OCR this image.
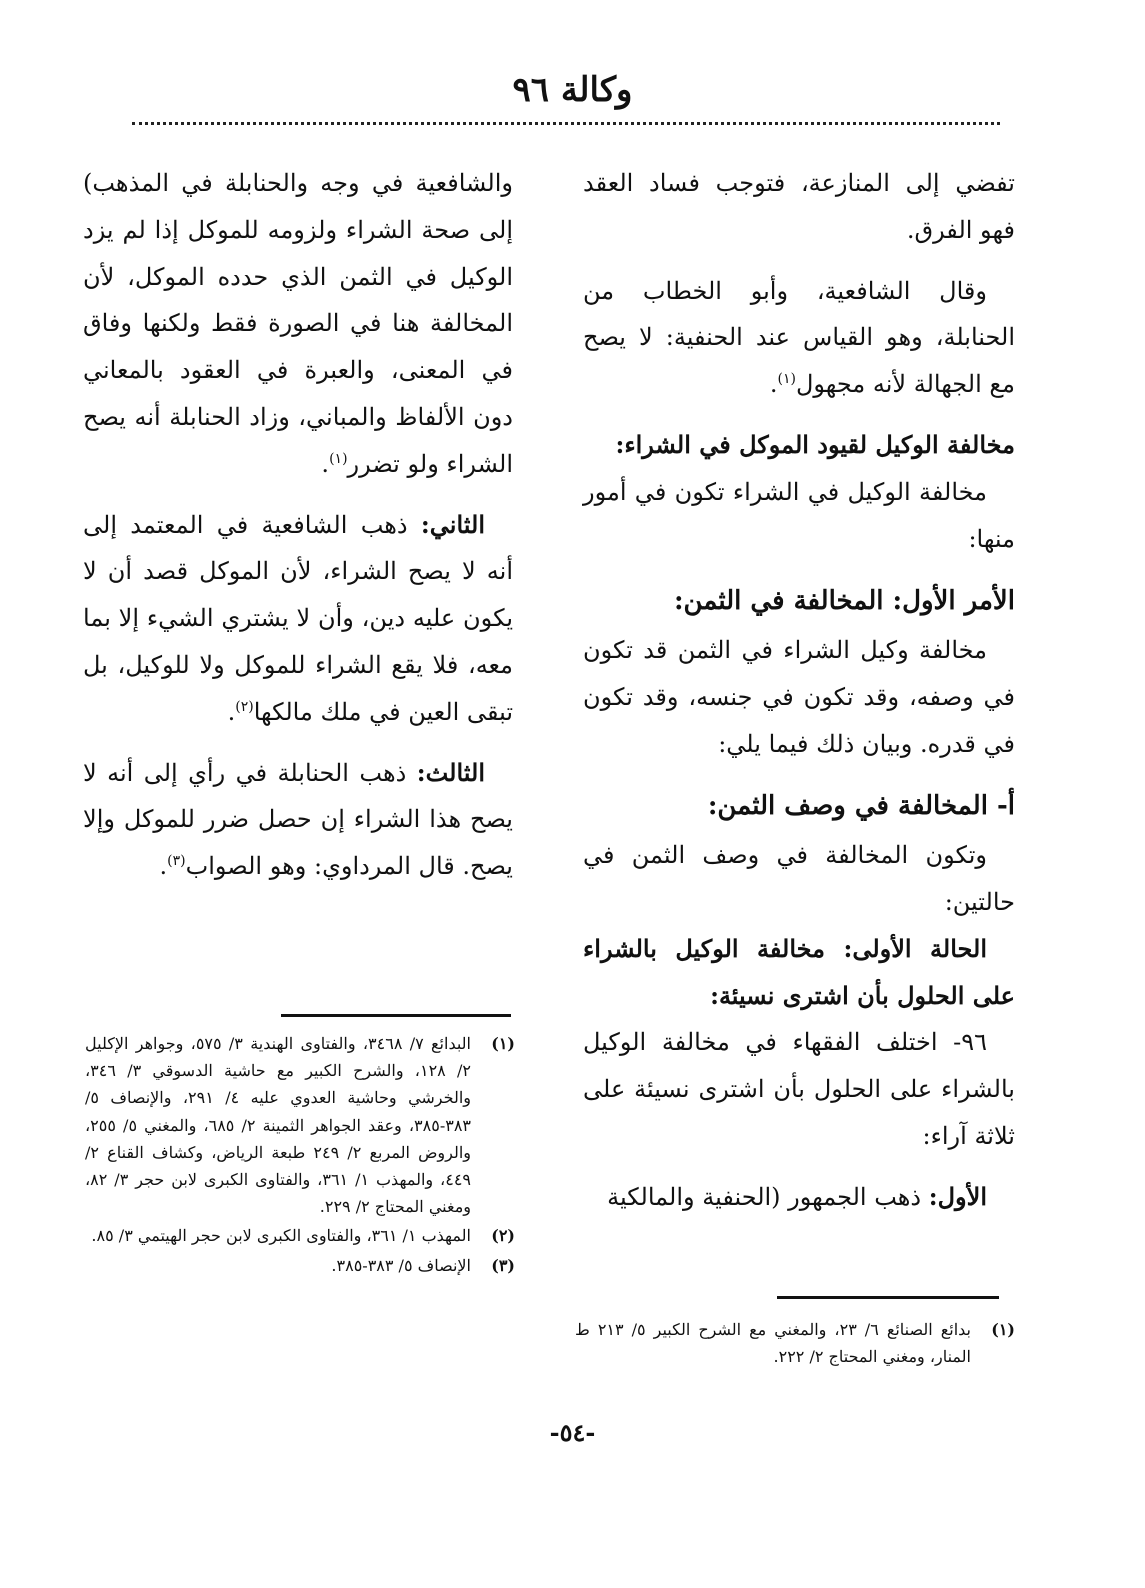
وكالة ٩٦

تفضي إلى المنازعة، فتوجب فساد العقد فهو الفرق.

وقال الشافعية، وأبو الخطاب من الحنابلة، وهو القياس عند الحنفية: لا يصح مع الجهالة لأنه مجهول$^{(١)}$.

مخالفة الوكيل لقيود الموكل في الشراء:

مخالفة الوكيل في الشراء تكون في أمور منها:

الأمر الأول: المخالفة في الثمن:

مخالفة وكيل الشراء في الثمن قد تكون في وصفه، وقد تكون في جنسه، وقد تكون في قدره. وبيان ذلك فيما يلي:

أ- المخالفة في وصف الثمن:

وتكون المخالفة في وصف الثمن في حالتين:

الحالة الأولى: مخالفة الوكيل بالشراء على الحلول بأن اشترى نسيئة:

٩٦- اختلف الفقهاء في مخالفة الوكيل بالشراء على الحلول بأن اشترى نسيئة على ثلاثة آراء:

الأول: ذهب الجمهور (الحنفية والمالكية

والشافعية في وجه والحنابلة في المذهب) إلى صحة الشراء ولزومه للموكل إذا لم يزد الوكيل في الثمن الذي حدده الموكل، لأن المخالفة هنا في الصورة فقط ولكنها وفاق في المعنى، والعبرة في العقود بالمعاني دون الألفاظ والمباني، وزاد الحنابلة أنه يصح الشراء ولو تضرر$^{(١)}$.

الثاني: ذهب الشافعية في المعتمد إلى أنه لا يصح الشراء، لأن الموكل قصد أن لا يكون عليه دين، وأن لا يشتري الشيء إلا بما معه، فلا يقع الشراء للموكل ولا للوكيل، بل تبقى العين في ملك مالكها$^{(٢)}$.

الثالث: ذهب الحنابلة في رأي إلى أنه لا يصح هذا الشراء إن حصل ضرر للموكل وإلا يصح. قال المرداوي: وهو الصواب$^{(٣)}$.

(١)
بدائع الصنائع ٦/ ٢٣، والمغني مع الشرح الكبير ٥/ ٢١٣ ط المنار، ومغني المحتاج ٢/ ٢٢٢.
(١)
البدائع ٧/ ٣٤٦٨، والفتاوى الهندية ٣/ ٥٧٥، وجواهر الإكليل ٢/ ١٢٨، والشرح الكبير مع حاشية الدسوقي ٣/ ٣٤٦، والخرشي وحاشية العدوي عليه ٤/ ٢٩١، والإنصاف ٥/ ٣٨٣-٣٨٥، وعقد الجواهر الثمينة ٢/ ٦٨٥، والمغني ٥/ ٢٥٥، والروض المربع ٢/ ٢٤٩ طبعة الرياض، وكشاف القناع ٢/ ٤٤٩، والمهذب ١/ ٣٦١، والفتاوى الكبرى لابن حجر ٣/ ٨٢، ومغني المحتاج ٢/ ٢٢٩.
(٢)
المهذب ١/ ٣٦١، والفتاوى الكبرى لابن حجر الهيتمي ٣/ ٨٥.
(٣)
الإنصاف ٥/ ٣٨٣-٣٨٥.
-٥٤-
